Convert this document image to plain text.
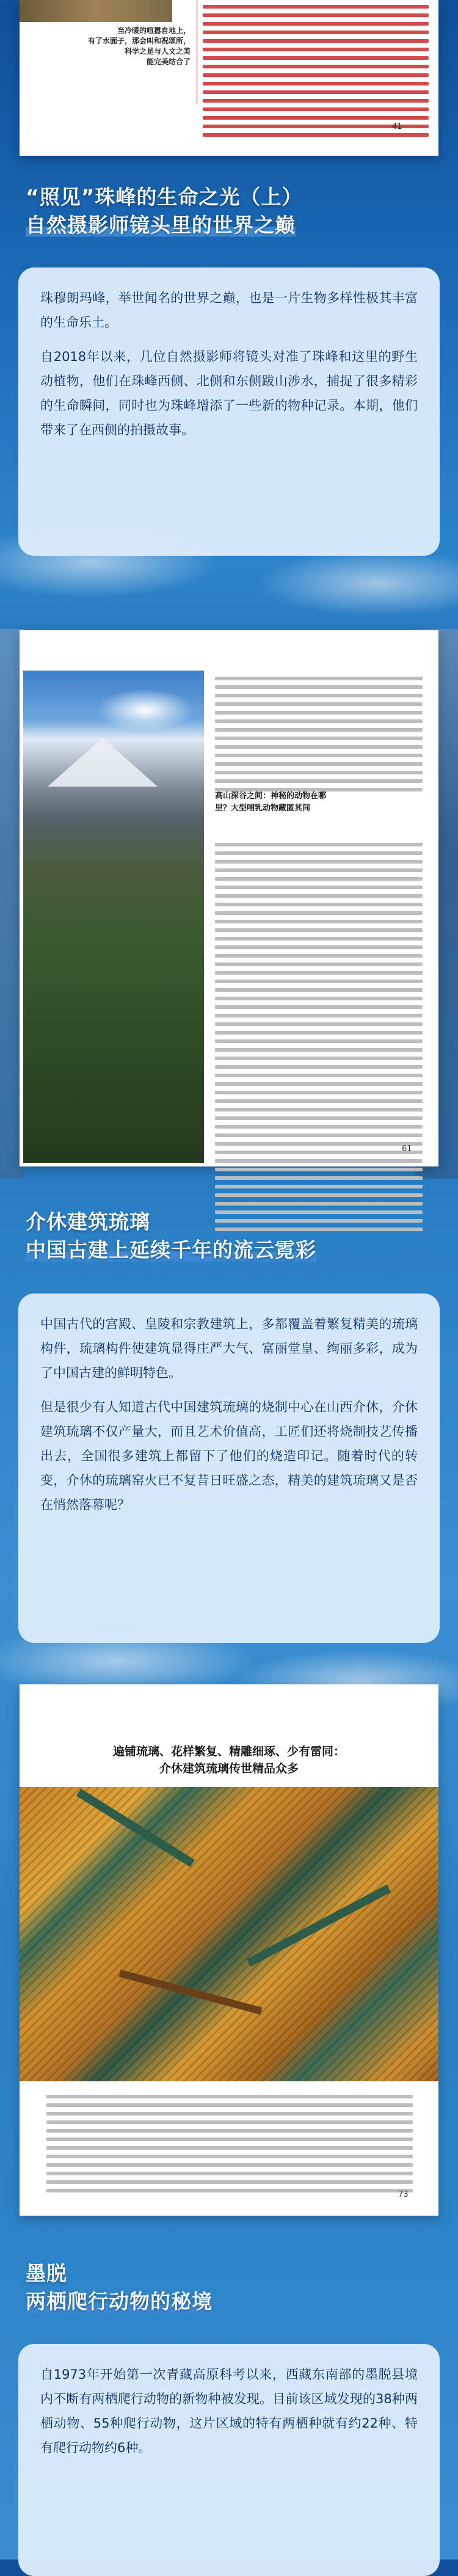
当冷暖的喧嚣自地上，
有了水面子，那会叫和祝颂所，
科学之是与人文之美
能完美结合了
41
“照见”珠峰的生命之光（上）
自然摄影师镜头里的世界之巅

珠穆朗玛峰，举世闻名的世界之巅，也是一片生物多样性极其丰富的生命乐土。

自2018年以来，几位自然摄影师将镜头对准了珠峰和这里的野生动植物，他们在珠峰西侧、北侧和东侧跋山涉水，捕捉了很多精彩的生命瞬间，同时也为珠峰增添了一些新的物种记录。本期，他们带来了在西侧的拍摄故事。

高山深谷之间：神秘的动物在哪里？大型哺乳动物藏匿其间
61
介休建筑琉璃
中国古建上延续千年的流云霓彩

中国古代的宫殿、皇陵和宗教建筑上，多都覆盖着繁复精美的琉璃构件，琉璃构件使建筑显得庄严大气、富丽堂皇、绚丽多彩，成为了中国古建的鲜明特色。

但是很少有人知道古代中国建筑琉璃的烧制中心在山西介休，介休建筑琉璃不仅产量大，而且艺术价值高，工匠们还将烧制技艺传播出去，全国很多建筑上都留下了他们的烧造印记。随着时代的转变，介休的琉璃窑火已不复昔日旺盛之态，精美的建筑琉璃又是否在悄然落幕呢？

遍铺琉璃、花样繁复、精雕细琢、少有雷同：
介休建筑琉璃传世精品众多
73
墨脱
两栖爬行动物的秘境

自1973年开始第一次青藏高原科考以来，西藏东南部的墨脱县境内不断有两栖爬行动物的新物种被发现。目前该区域发现的38种两栖动物、55种爬行动物，这片区域的特有两栖种就有约22种、特有爬行动物约6种。
